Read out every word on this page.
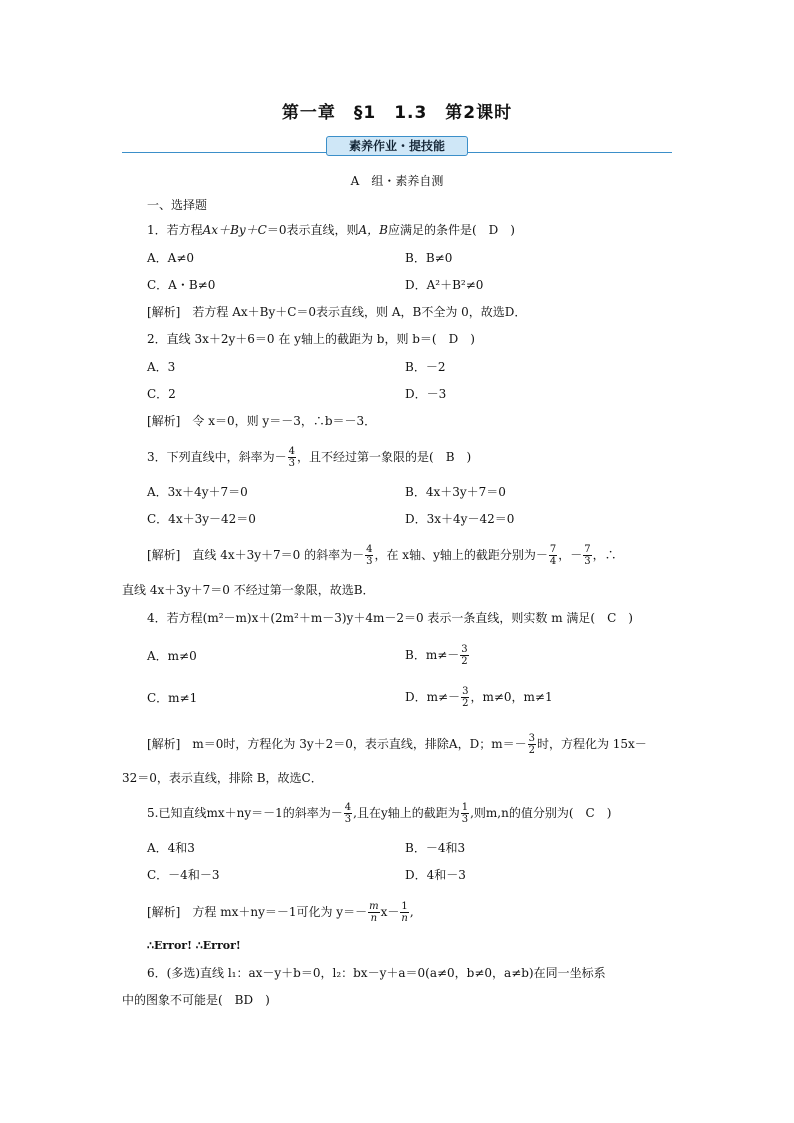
第一章　§1　1.3　第2课时
素养作业・提技能
A　组・素养自测
一、选择题
1．若方程Ax＋By＋C＝0表示直线，则A，B应满足的条件是(　D　)
A．A≠0	B．B≠0
C．A・B≠0	D．A²＋B²≠0
[解析]　 若方程 Ax＋By＋C＝0表示直线，则 A，B不全为 0，故选D．
2．直线 3x＋2y＋6＝0 在 y轴上的截距为 b，则 b＝(　D　)
A．3	B．－2
C．2	D．－3
[解析]　 令 x＝0，则 y＝－3，∴b＝－3．
3．下列直线中，斜率为－ $\frac{4}{3}$ ，且不经过第一象限的是(　B　)
A．3x＋4y＋7＝0	B．4x＋3y＋7＝0
C．4x＋3y－42＝0	D．3x＋4y－42＝0
[解析]　 直线 4x＋3y＋7＝0 的斜率为－ $\frac{4}{3}$ ，在 x轴、y轴上的截距分别为－ $\frac{7}{4}$ ，－ $\frac{7}{3}$ ，∴
直线 4x＋3y＋7＝0 不经过第一象限，故选B．
4．若方程(m²－m)x＋(2m²＋m－3)y＋4m－2＝0 表示一条直线，则实数 m 满足(　C　)
A．m≠0	B．$m\ne- \frac{3}{2}$
C．m≠1	D．$m\ne- \frac{3}{2}$ ，m≠0，m≠1
[解析]　 m＝0时，方程化为 3y＋2＝0，表示直线，排除A，D；$m=- \frac{3}{2}$ 时，方程化为 15x－
32＝0，表示直线，排除 B，故选C．
5.已知直线mx＋ny＝－1的斜率为－ $\frac{4}{3}$ ,且在y轴上的截距为 $\frac{1}{3}$ ,则m,n的值分别为(　C　)
A．4和3	B．－4和3
C．－4和－3	D．4和－3
[解析]　 方程 mx＋ny＝－1可化为 $y=- \frac{m}{n} x- \frac{1}{n}$ ,
∴Error! ∴Error!
6．(多选)直线 l₁：ax－y＋b＝0，l₂：bx－y＋a＝0(a≠0，b≠0，a≠b)在同一坐标系
中的图象不可能是(　BD　)
